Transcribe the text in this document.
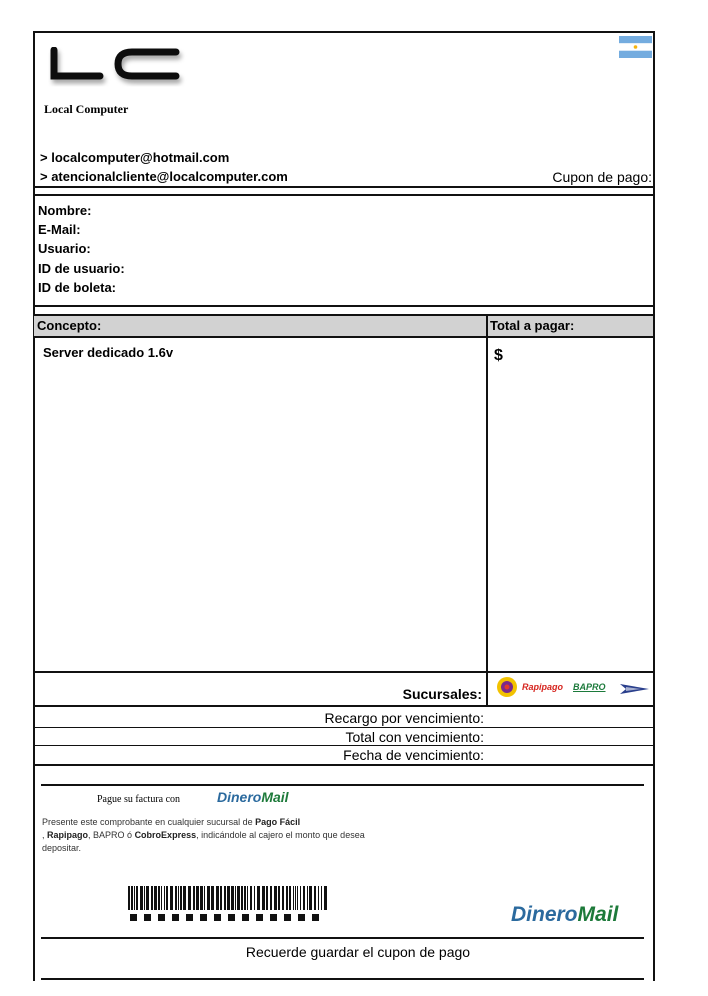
Local Computer
> localcomputer@hotmail.com
> atencionalcliente@localcomputer.com	Cupon de pago:
Nombre:
E-Mail:
Usuario:
ID de usuario:
ID de boleta:
Concepto:	Total a pagar:
Server dedicado 1.6v	$
Sucursales:	Rapipago BAPRO
Recargo por vencimiento:
Total con vencimiento:
Fecha de vencimiento:
Pague su factura con	DineroMail
Presente este comprobante en cualquier sucursal de Pago Fácil
, Rapipago, BAPRO ó CobroExpress, indicándole al cajero el monto que desea depositar.
DineroMail
Recuerde guardar el cupon de pago
